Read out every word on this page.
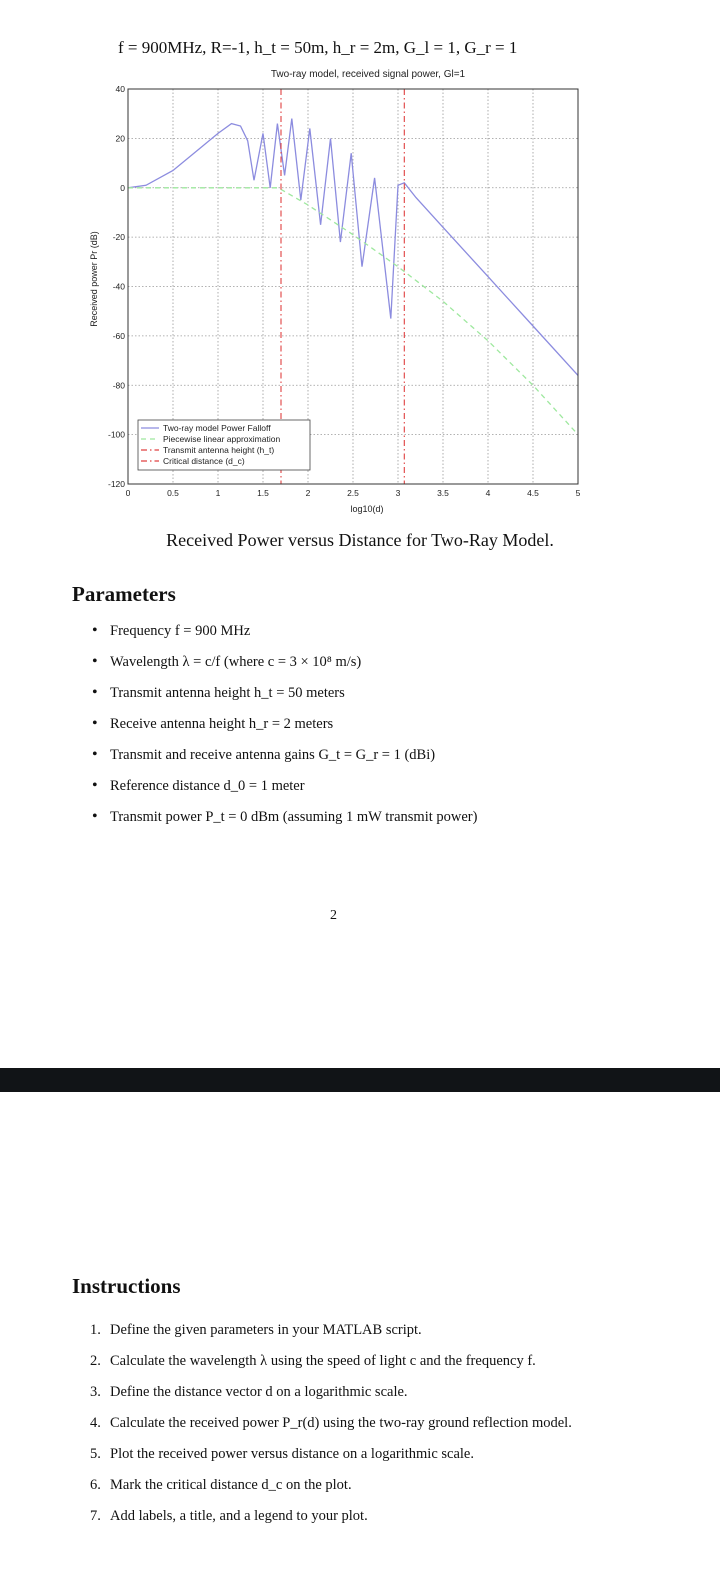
f = 900MHz, R=-1, h_t = 50m, h_r = 2m, G_l = 1, G_r = 1
Two-ray model, received signal power, Gl=1
0	0.5	1	1.5	2	2.5	3	3.5	4	4.5	5
40
20
0
-20
-40
-60
-80
-100
-120
Two-ray model Power Falloff
Piecewise linear approximation
Transmit antenna height (h_t)
Critical distance (d_c)
log10(d)
Received power Pr (dB)
Received Power versus Distance for Two-Ray Model.
Parameters
• Frequency f = 900 MHz
• Wavelength λ = c/f (where c = 3 × 10⁸ m/s)
• Transmit antenna height h_t = 50 meters
• Receive antenna height h_r = 2 meters
• Transmit and receive antenna gains G_t = G_r = 1 (dBi)
• Reference distance d_0 = 1 meter
• Transmit power P_t = 0 dBm (assuming 1 mW transmit power)
2
Instructions
1. Define the given parameters in your MATLAB script.
2. Calculate the wavelength λ using the speed of light c and the frequency f.
3. Define the distance vector d on a logarithmic scale.
4. Calculate the received power P_r(d) using the two-ray ground reflection model.
5. Plot the received power versus distance on a logarithmic scale.
6. Mark the critical distance d_c on the plot.
7. Add labels, a title, and a legend to your plot.
